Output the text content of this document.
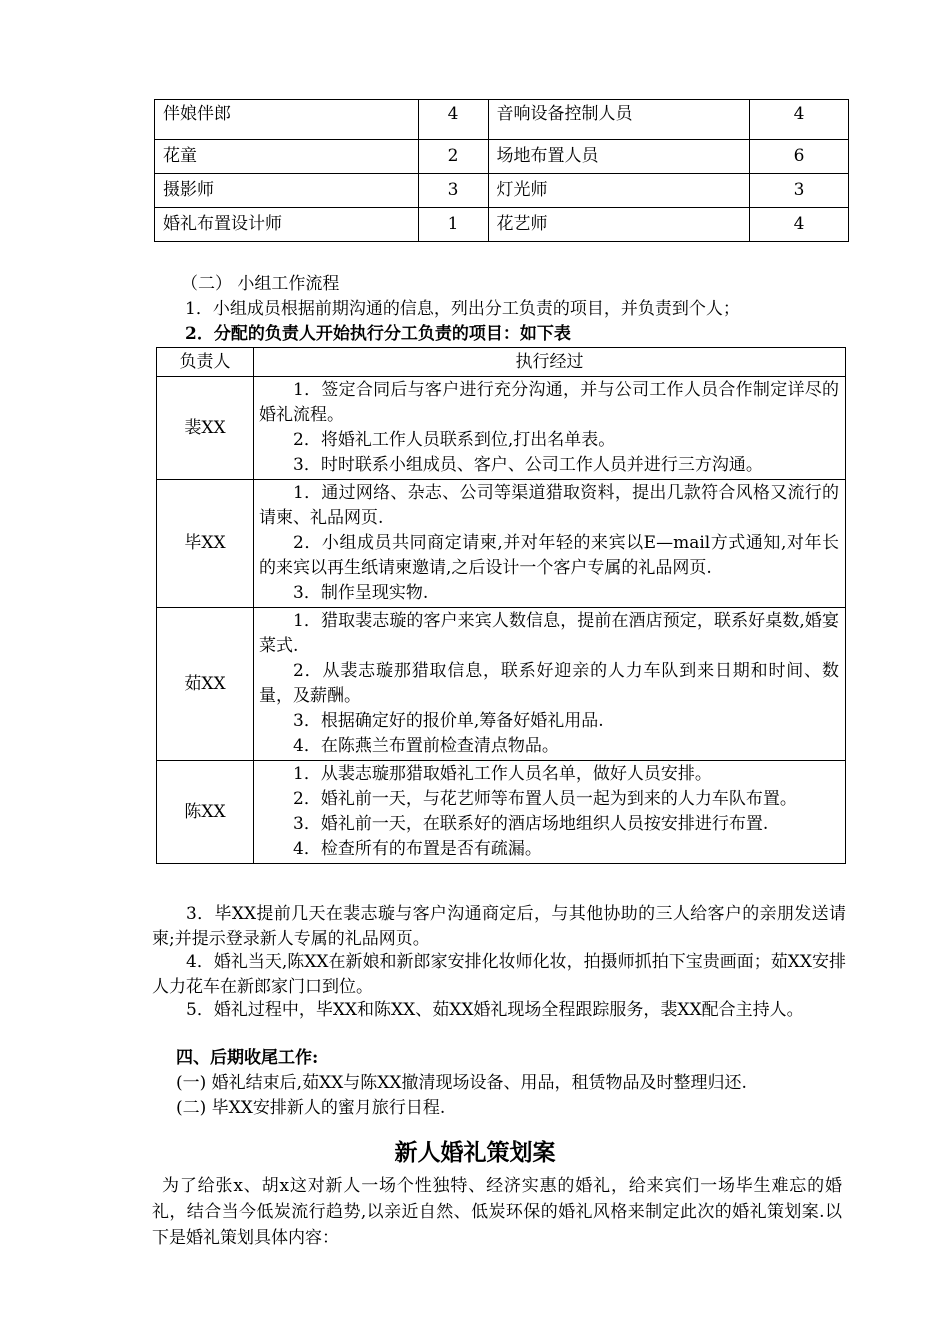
伴娘伴郎	4	音响设备控制人员	4
花童	2	场地布置人员	6
摄影师	3	灯光师	3
婚礼布置设计师	1	花艺师	4
（二） 小组工作流程
1．小组成员根据前期沟通的信息，列出分工负责的项目，并负责到个人；
2．分配的负责人开始执行分工负责的项目：如下表
负责人	执行经过
裴XX	1．签定合同后与客户进行充分沟通，并与公司工作人员合作制定详尽的婚礼流程。
2．将婚礼工作人员联系到位,打出名单表。
3．时时联系小组成员、客户、公司工作人员并进行三方沟通。

毕XX	1．通过网络、杂志、公司等渠道猎取资料，提出几款符合风格又流行的请柬、礼品网页.
2．小组成员共同商定请柬,并对年轻的来宾以E—mail方式通知,对年长的来宾以再生纸请柬邀请,之后设计一个客户专属的礼品网页.
3．制作呈现实物.

茹XX	1．猎取裴志璇的客户来宾人数信息，提前在酒店预定，联系好桌数,婚宴菜式.
2．从裴志璇那猎取信息，联系好迎亲的人力车队到来日期和时间、数量，及薪酬。
3．根据确定好的报价单,筹备好婚礼用品.
4．在陈燕兰布置前检查清点物品。

陈XX	1．从裴志璇那猎取婚礼工作人员名单，做好人员安排。
2．婚礼前一天，与花艺师等布置人员一起为到来的人力车队布置。
3．婚礼前一天，在联系好的酒店场地组织人员按安排进行布置.
4．检查所有的布置是否有疏漏。
3．毕XX提前几天在裴志璇与客户沟通商定后，与其他协助的三人给客户的亲朋发送请柬;并提示登录新人专属的礼品网页。
4．婚礼当天,陈XX在新娘和新郎家安排化妆师化妆，拍摄师抓拍下宝贵画面；茹XX安排人力花车在新郎家门口到位。
5．婚礼过程中，毕XX和陈XX、茹XX婚礼现场全程跟踪服务，裴XX配合主持人。
四、后期收尾工作:
(一) 婚礼结束后,茹XX与陈XX撤清现场设备、用品，租赁物品及时整理归还.
(二) 毕XX安排新人的蜜月旅行日程.
新人婚礼策划案
为了给张x、胡x这对新人一场个性独特、经济实惠的婚礼，给来宾们一场毕生难忘的婚礼，结合当今低炭流行趋势,以亲近自然、低炭环保的婚礼风格来制定此次的婚礼策划案.以下是婚礼策划具体内容：
